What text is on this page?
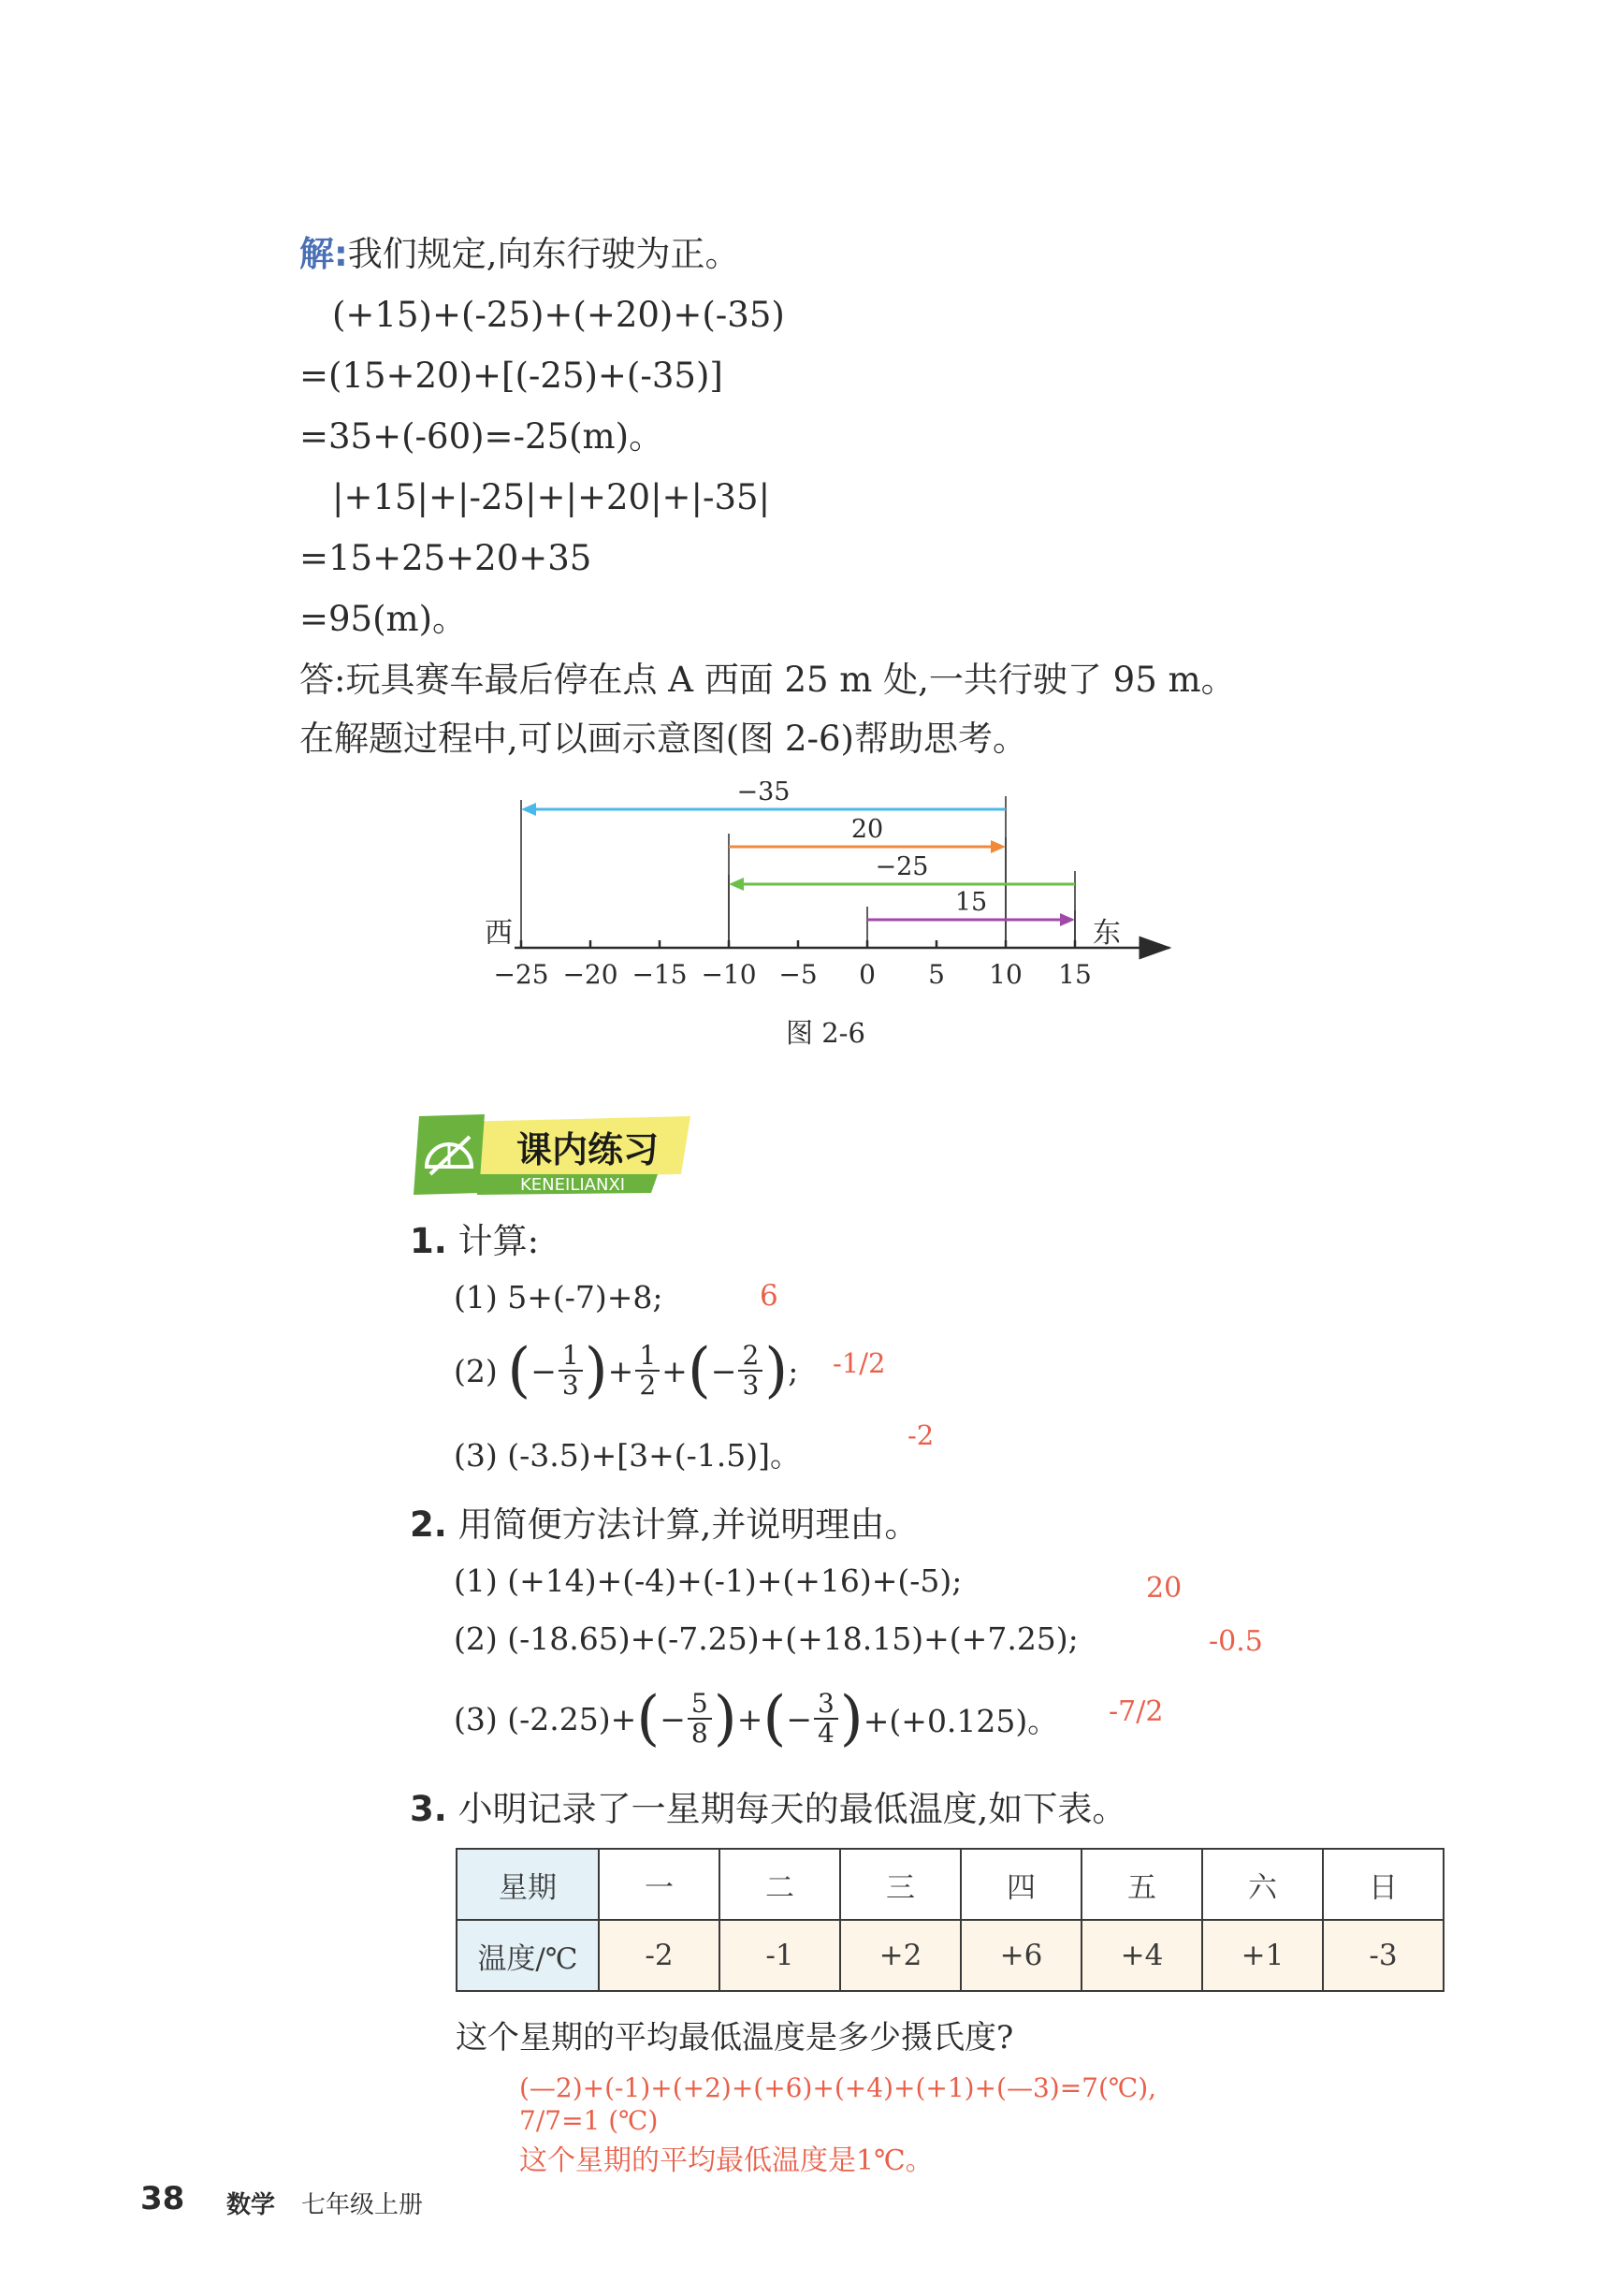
解:我们规定,向东行驶为正。
(+15)+(-25)+(+20)+(-35)
=(15+20)+[(-25)+(-35)]
=35+(-60)=-25(m)。
|+15|+|-25|+|+20|+|-35|
=15+25+20+35
=95(m)。
答:玩具赛车最后停在点 A 西面 25 m 处,一共行驶了 95 m。
在解题过程中,可以画示意图(图 2-6)帮助思考。
−25 −20 −15 −10 −5 0 5 10 15
−35
20
−25
15
西	东
图 2-6
课内练习
KENEILIANXI
1. 计算:
(1) 5+(-7)+8;	6
(2)
( − $\frac{1}{3}$ ) + $\frac{1}{2}$ + ( − $\frac{2}{3}$ ) ; -1/2
(3) (-3.5)+[3+(-1.5)]。
-2
2. 用简便方法计算,并说明理由。
(1) (+14)+(-4)+(-1)+(+16)+(-5);	20
(2) (-18.65)+(-7.25)+(+18.15)+(+7.25);	-0.5
(3) (-2.25)+ ( − $\frac{5}{8}$ ) + ( − $\frac{3}{4}$ ) +(+0.125)。 -7/2
3. 小明记录了一星期每天的最低温度,如下表。
星期	一	二	三	四	五	六	日
温度/℃	-2	-1	+2	+6	+4	+1	-3
这个星期的平均最低温度是多少摄氏度?
(—2)+(-1)+(+2)+(+6)+(+4)+(+1)+(—3)=7(℃),
7/7=1 (℃)
这个星期的平均最低温度是1℃。
38 数学 七年级上册
